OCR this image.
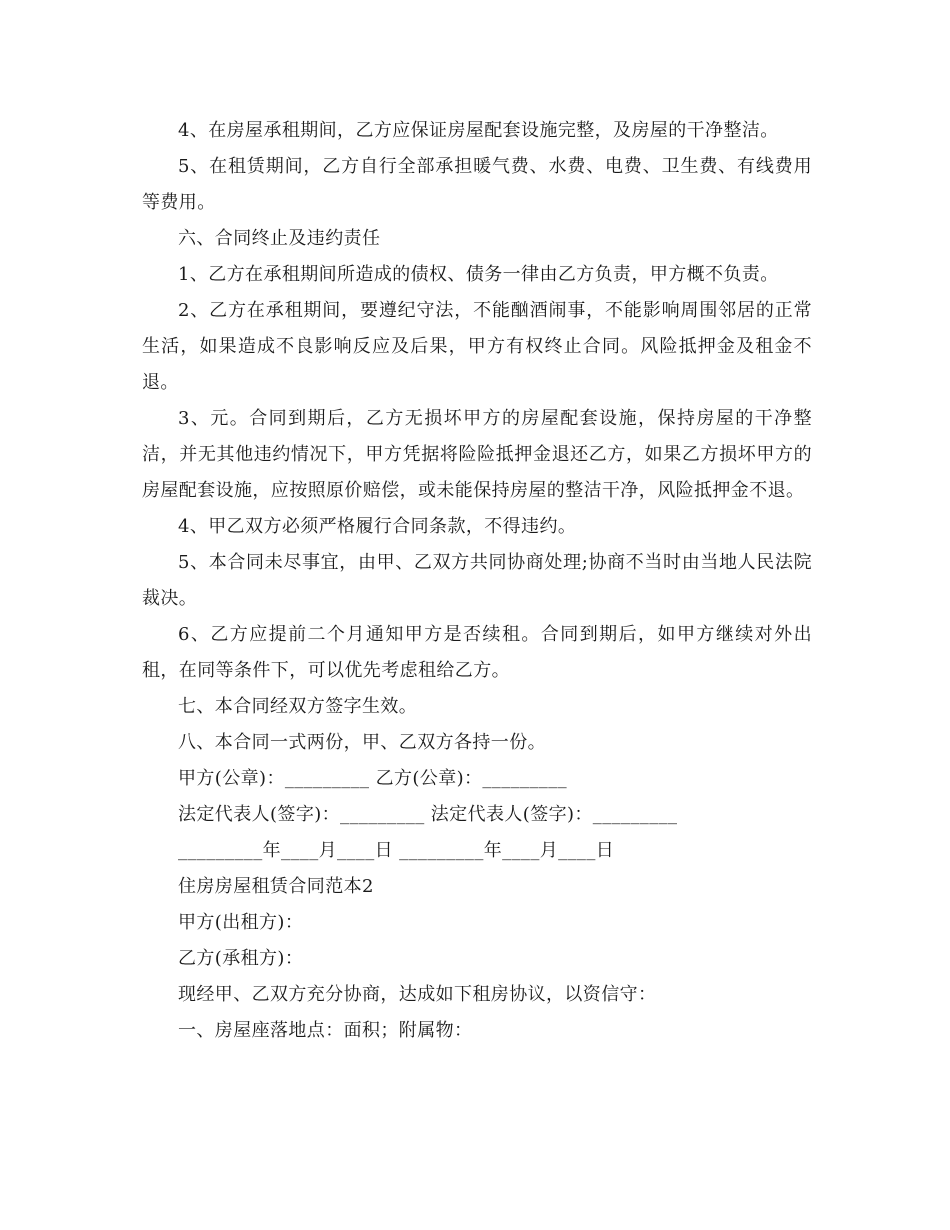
4、在房屋承租期间，乙方应保证房屋配套设施完整，及房屋的干净整洁。

5、在租赁期间，乙方自行全部承担暖气费、水费、电费、卫生费、有线费用等费用。

六、合同终止及违约责任

1、乙方在承租期间所造成的债权、债务一律由乙方负责，甲方概不负责。

2、乙方在承租期间，要遵纪守法，不能酗酒闹事，不能影响周围邻居的正常生活，如果造成不良影响反应及后果，甲方有权终止合同。风险抵押金及租金不退。

3、元。合同到期后，乙方无损坏甲方的房屋配套设施，保持房屋的干净整洁，并无其他违约情况下，甲方凭据将险险抵押金退还乙方，如果乙方损坏甲方的房屋配套设施，应按照原价赔偿，或未能保持房屋的整洁干净，风险抵押金不退。

4、甲乙双方必须严格履行合同条款，不得违约。

5、本合同未尽事宜，由甲、乙双方共同协商处理;协商不当时由当地人民法院裁决。

6、乙方应提前二个月通知甲方是否续租。合同到期后，如甲方继续对外出租，在同等条件下，可以优先考虑租给乙方。

七、本合同经双方签字生效。

八、本合同一式两份，甲、乙双方各持一份。

甲方(公章)：_________ 乙方(公章)：_________

法定代表人(签字)：_________ 法定代表人(签字)：_________

_________年____月____日 _________年____月____日

住房房屋租赁合同范本2

甲方(出租方)：

乙方(承租方)：

现经甲、乙双方充分协商，达成如下租房协议，以资信守：

一、房屋座落地点：面积；附属物：
